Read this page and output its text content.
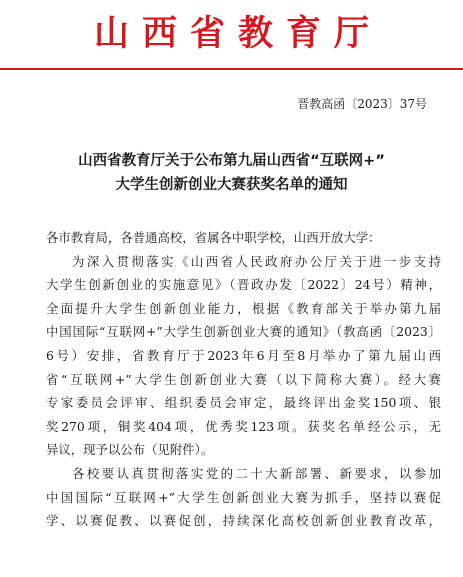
山西省教育厅
晋教高函〔2023〕37号
山西省教育厅关于公布第九届山西省“互联网+”
大学生创新创业大赛获奖名单的通知
各市教育局，各普通高校，省属各中职学校，山西开放大学：
为深入贯彻落实《山西省人民政府办公厅关于进一步支持
大学生创新创业的实施意见》（晋政办发〔2022〕24号）精神，
全面提升大学生创新创业能力，根据《教育部关于举办第九届
中国国际“互联网+”大学生创新创业大赛的通知》（教高函〔2023〕
6号）安排，省教育厅于2023年6月至8月举办了第九届山西
省“互联网+”大学生创新创业大赛（以下简称大赛）。经大赛
专家委员会评审、组织委员会审定，最终评出金奖150项、银
奖270项，铜奖404项，优秀奖123项。获奖名单经公示，无
异议，现予以公布（见附件）。
各校要认真贯彻落实党的二十大新部署、新要求，以参加
中国国际“互联网+”大学生创新创业大赛为抓手，坚持以赛促
学、以赛促教、以赛促创，持续深化高校创新创业教育改革，
